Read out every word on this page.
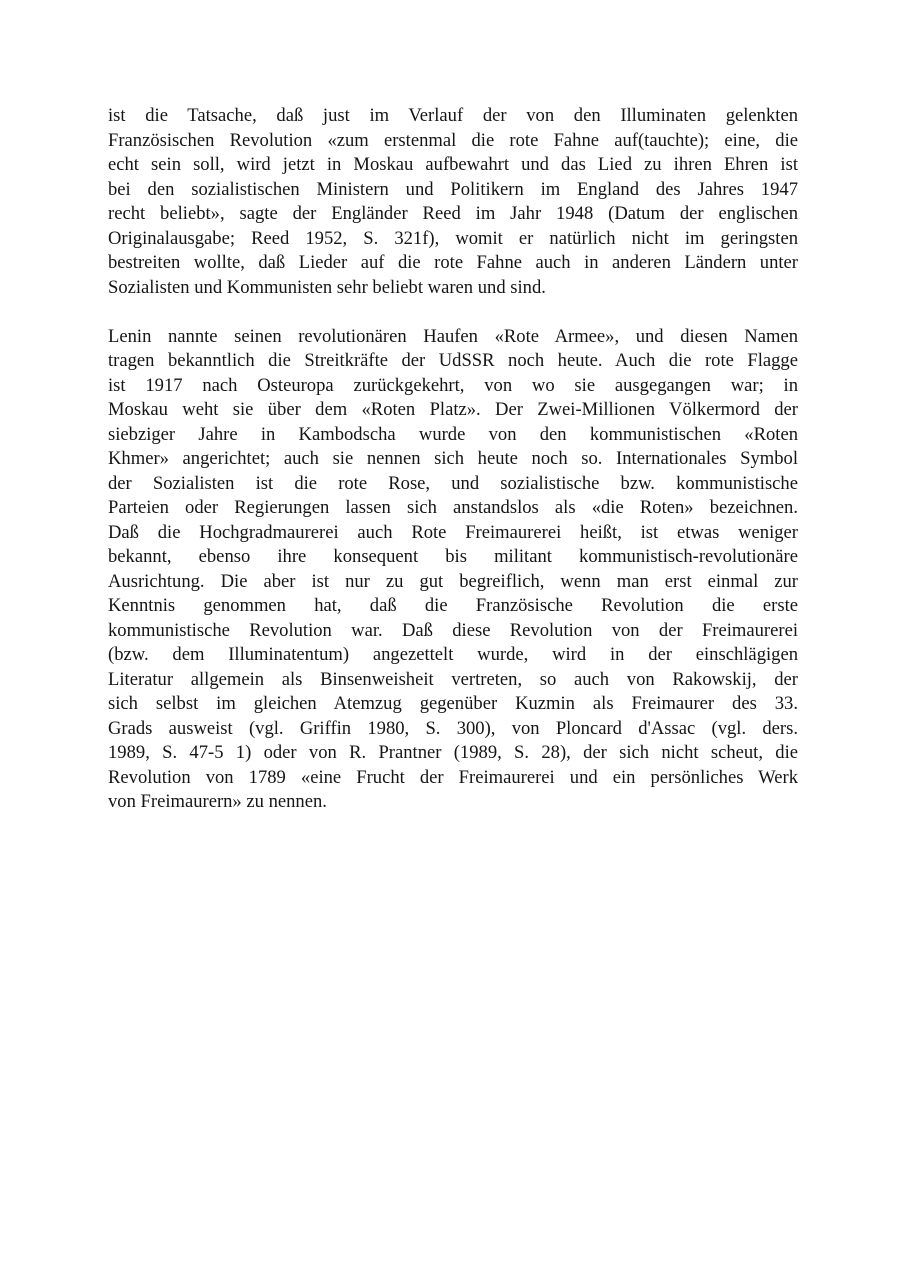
ist die Tatsache, daß just im Verlauf der von den Illuminaten gelenkten
Französischen Revolution «zum erstenmal die rote Fahne auf(tauchte); eine, die
echt sein soll, wird jetzt in Moskau aufbewahrt und das Lied zu ihren Ehren ist
bei den sozialistischen Ministern und Politikern im England des Jahres 1947
recht beliebt», sagte der Engländer Reed im Jahr 1948 (Datum der englischen
Originalausgabe; Reed 1952, S. 321f), womit er natürlich nicht im geringsten
bestreiten wollte, daß Lieder auf die rote Fahne auch in anderen Ländern unter
Sozialisten und Kommunisten sehr beliebt waren und sind.
Lenin nannte seinen revolutionären Haufen «Rote Armee», und diesen Namen
tragen bekanntlich die Streitkräfte der UdSSR noch heute. Auch die rote Flagge
ist 1917 nach Osteuropa zurückgekehrt, von wo sie ausgegangen war; in
Moskau weht sie über dem «Roten Platz». Der Zwei-Millionen Völkermord der
siebziger Jahre in Kambodscha wurde von den kommunistischen «Roten
Khmer» angerichtet; auch sie nennen sich heute noch so. Internationales Symbol
der Sozialisten ist die rote Rose, und sozialistische bzw. kommunistische
Parteien oder Regierungen lassen sich anstandslos als «die Roten» bezeichnen.
Daß die Hochgradmaurerei auch Rote Freimaurerei heißt, ist etwas weniger
bekannt, ebenso ihre konsequent bis militant kommunistisch-revolutionäre
Ausrichtung. Die aber ist nur zu gut begreiflich, wenn man erst einmal zur
Kenntnis genommen hat, daß die Französische Revolution die erste
kommunistische Revolution war. Daß diese Revolution von der Freimaurerei
(bzw. dem Illuminatentum) angezettelt wurde, wird in der einschlägigen
Literatur allgemein als Binsenweisheit vertreten, so auch von Rakowskij, der
sich selbst im gleichen Atemzug gegenüber Kuzmin als Freimaurer des 33.
Grads ausweist (vgl. Griffin 1980, S. 300), von Ploncard d'Assac (vgl. ders.
1989, S. 47-5 1) oder von R. Prantner (1989, S. 28), der sich nicht scheut, die
Revolution von 1789 «eine Frucht der Freimaurerei und ein persönliches Werk
von Freimaurern» zu nennen.
